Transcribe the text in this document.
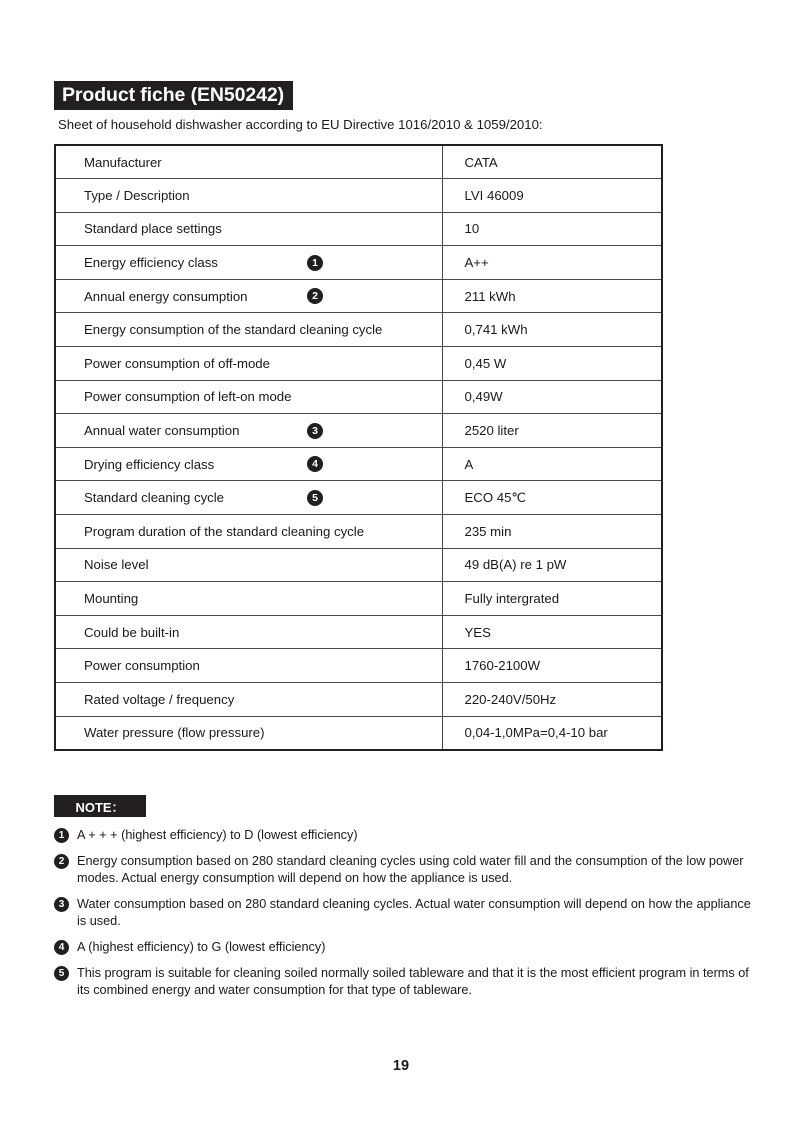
Product fiche (EN50242)
Sheet of household dishwasher according to EU Directive 1016/2010 & 1059/2010:
Manufacturer	CATA
Type / Description	LVI 46009
Standard place settings	10
Energy efficiency class 1	A++
Annual energy consumption 2	211 kWh
Energy consumption of the standard cleaning cycle	0,741 kWh
Power consumption of off-mode	0,45 W
Power consumption of left-on mode	0,49W
Annual water consumption 3	2520 liter
Drying efficiency class 4	A
Standard cleaning cycle 5	ECO 45℃
Program duration of the standard cleaning cycle	235 min
Noise level	49 dB(A) re 1 pW
Mounting	Fully intergrated
Could be built-in	YES
Power consumption	1760-2100W
Rated voltage / frequency	220-240V/50Hz
Water pressure (flow pressure)	0,04-1,0MPa=0,4-10 bar
NOTE：
1	A + + + (highest efficiency) to D (lowest efficiency)
2	Energy consumption based on 280 standard cleaning cycles using cold water fill and the consumption of the low power modes. Actual energy consumption will depend on how the appliance is used.
3	Water consumption based on 280 standard cleaning cycles. Actual water consumption will depend on how the appliance is used.
4	A (highest efficiency) to G (lowest efficiency)
5	This program is suitable for cleaning soiled normally soiled tableware and that it is the most efficient program in terms of its combined energy and water consumption for that type of tableware.
19
